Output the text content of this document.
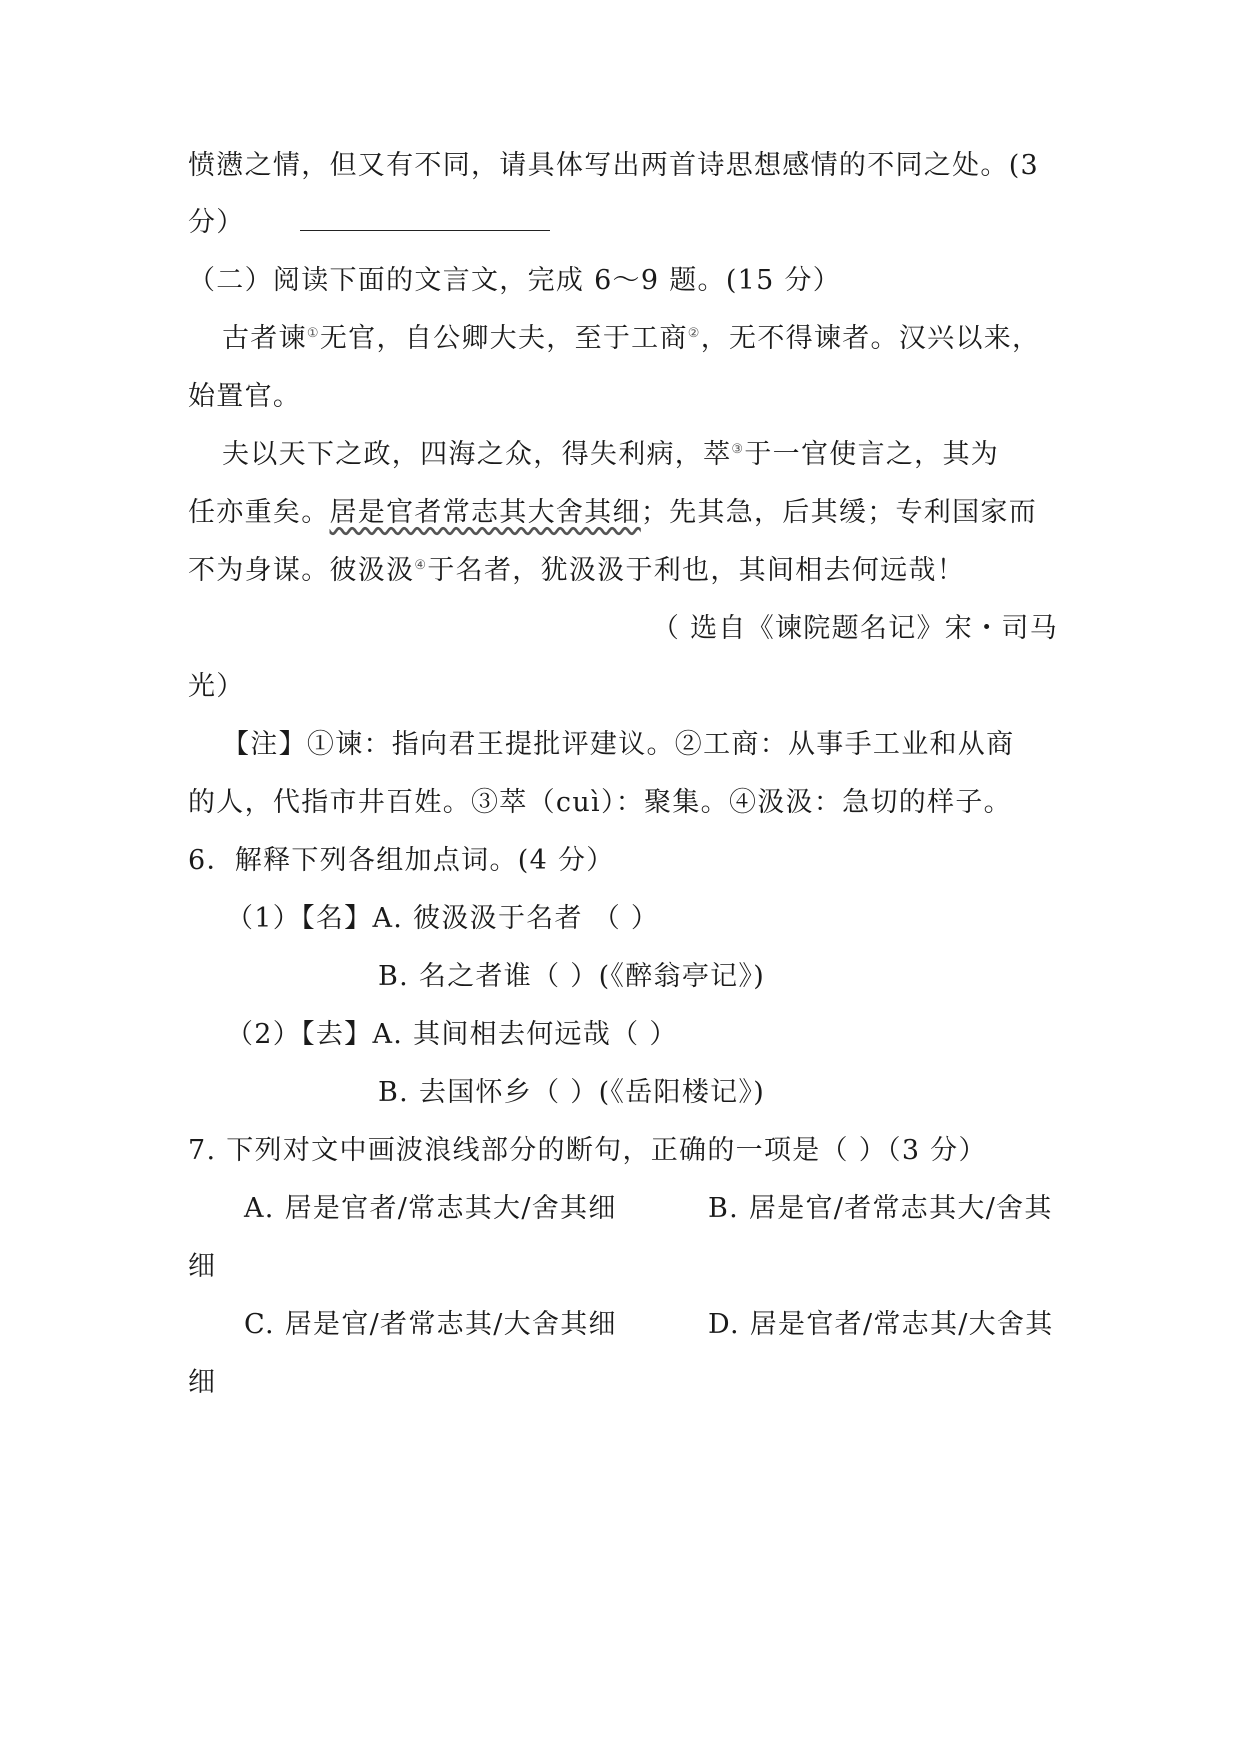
愤懑之情，但又有不同，请具体写出两首诗思想感情的不同之处。(3
分）
（二）阅读下面的文言文，完成 6～9 题。(15 分）
古者谏①无官，自公卿大夫，至于工商②，无不得谏者。汉兴以来，
始置官。
夫以天下之政，四海之众，得失利病，萃③于一官使言之，其为
任亦重矣。居是官者常志其大舍其细；先其急，后其缓；专利国家而
不为身谋。彼汲汲④于名者，犹汲汲于利也，其间相去何远哉！
（ 选自《谏院题名记》宋・司马
光）
【注】①谏：指向君王提批评建议。②工商：从事手工业和从商
的人，代指市井百姓。③萃（cuì）：聚集。④汲汲：急切的样子。
6．解释下列各组加点词。(4 分）
（1）【名】A. 彼汲汲于名者 （ ）
B. 名之者谁（ ）(《醉翁亭记》)
（2）【去】A. 其间相去何远哉（ ）
B. 去国怀乡（ ）(《岳阳楼记》)
7. 下列对文中画波浪线部分的断句，正确的一项是（ ）（3 分）
A. 居是官者/常志其大/舍其细	B. 居是官/者常志其大/舍其
细
C. 居是官/者常志其/大舍其细	D. 居是官者/常志其/大舍其
细
